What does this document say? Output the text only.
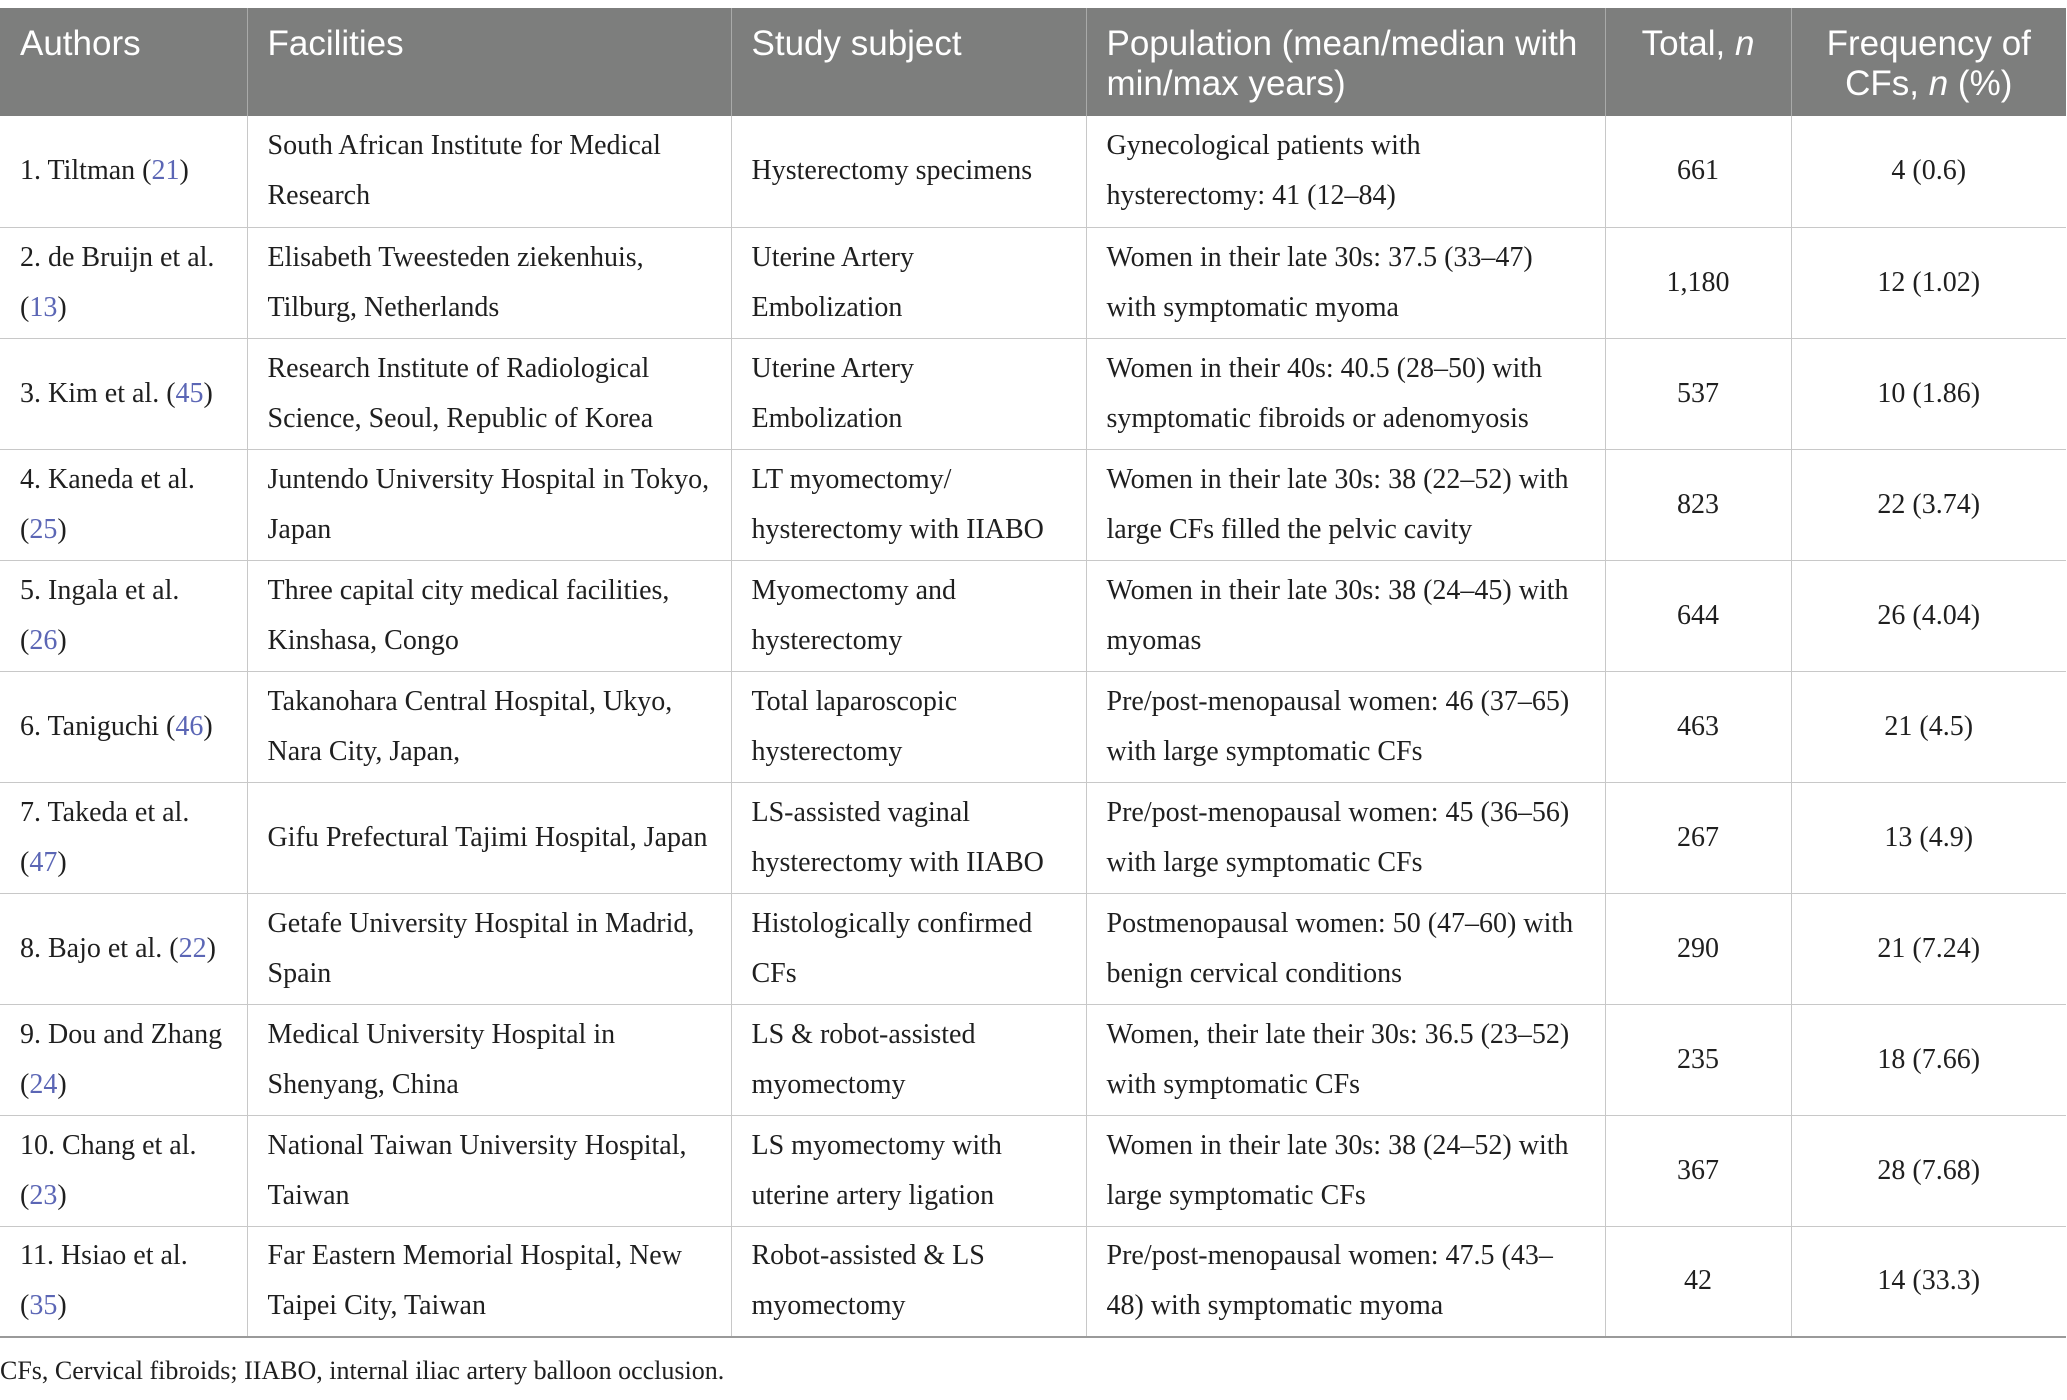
Authors	Facilities	Study subject	Population (mean/median with min/max years)	Total, n	Frequency of CFs, n (%)
1. Tiltman (21)	South African Institute for Medical Research	Hysterectomy specimens	Gynecological patients with hysterectomy: 41 (12–84)	661	4 (0.6)
2. de Bruijn et al. (13)	Elisabeth Tweesteden ziekenhuis, Tilburg, Netherlands	Uterine Artery Embolization	Women in their late 30s: 37.5 (33–47) with symptomatic myoma	1,180	12 (1.02)
3. Kim et al. (45)	Research Institute of Radiological Science, Seoul, Republic of Korea	Uterine Artery Embolization	Women in their 40s: 40.5 (28–50) with symptomatic fibroids or adenomyosis	537	10 (1.86)
4. Kaneda et al. (25)	Juntendo University Hospital in Tokyo, Japan	LT myomectomy/ hysterectomy with IIABO	Women in their late 30s: 38 (22–52) with large CFs filled the pelvic cavity	823	22 (3.74)
5. Ingala et al. (26)	Three capital city medical facilities, Kinshasa, Congo	Myomectomy and hysterectomy	Women in their late 30s: 38 (24–45) with myomas	644	26 (4.04)
6. Taniguchi (46)	Takanohara Central Hospital, Ukyo, Nara City, Japan,	Total laparoscopic hysterectomy	Pre/post-menopausal women: 46 (37–65) with large symptomatic CFs	463	21 (4.5)
7. Takeda et al. (47)	Gifu Prefectural Tajimi Hospital, Japan	LS-assisted vaginal hysterectomy with IIABO	Pre/post-menopausal women: 45 (36–56) with large symptomatic CFs	267	13 (4.9)
8. Bajo et al. (22)	Getafe University Hospital in Madrid, Spain	Histologically confirmed CFs	Postmenopausal women: 50 (47–60) with benign cervical conditions	290	21 (7.24)
9. Dou and Zhang (24)	Medical University Hospital in Shenyang, China	LS & robot-assisted myomectomy	Women, their late their 30s: 36.5 (23–52) with symptomatic CFs	235	18 (7.66)
10. Chang et al. (23)	National Taiwan University Hospital, Taiwan	LS myomectomy with uterine artery ligation	Women in their late 30s: 38 (24–52) with large symptomatic CFs	367	28 (7.68)
11. Hsiao et al. (35)	Far Eastern Memorial Hospital, New Taipei City, Taiwan	Robot-assisted & LS myomectomy	Pre/post-menopausal women: 47.5 (43–48) with symptomatic myoma	42	14 (33.3)
CFs, Cervical fibroids; IIABO, internal iliac artery balloon occlusion.
